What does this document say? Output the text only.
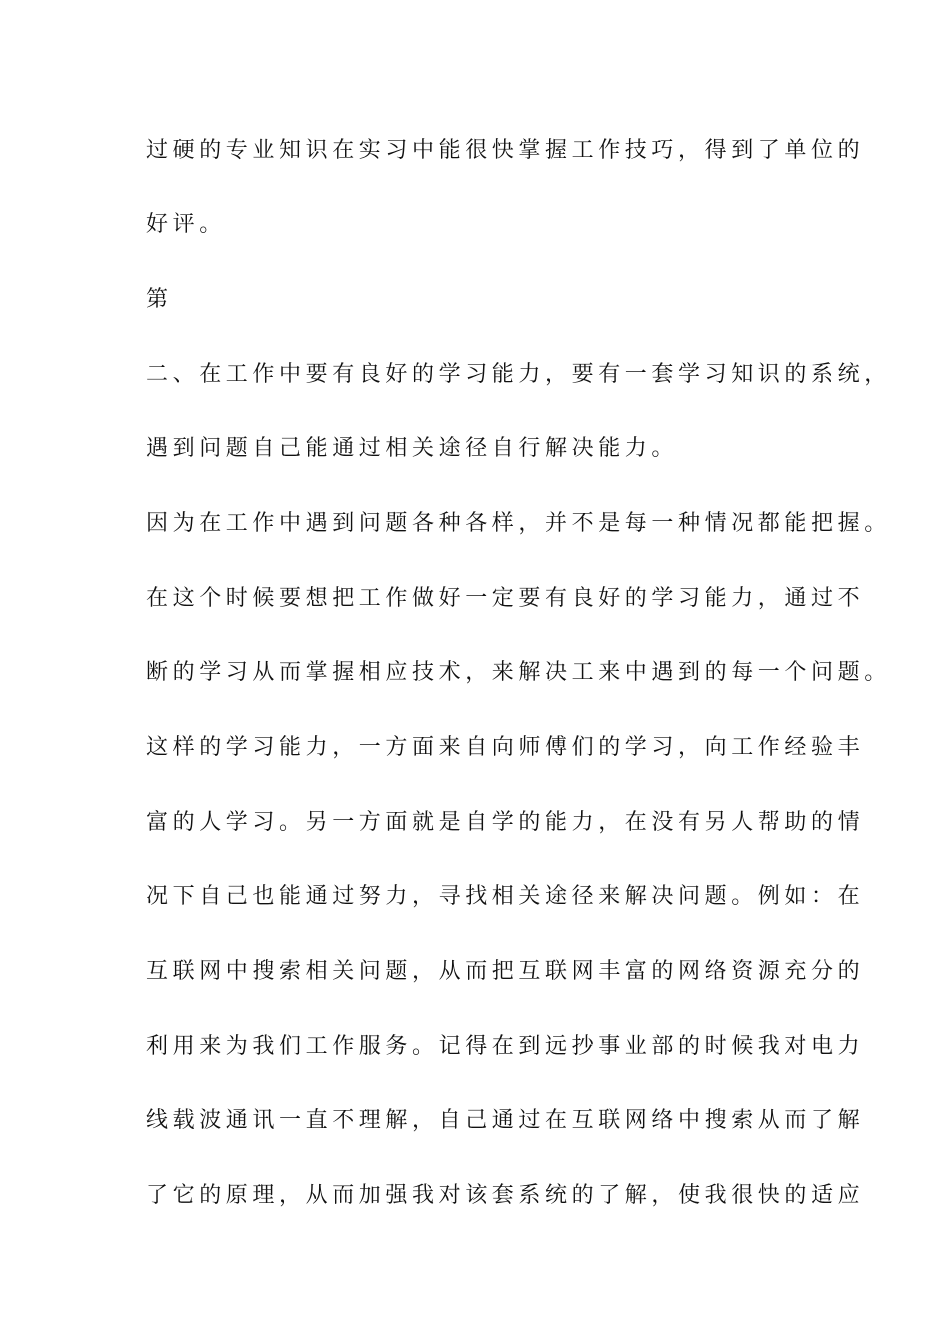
过硬的专业知识在实习中能很快掌握工作技巧，得到了单位的

好评。

第

二、在工作中要有良好的学习能力，要有一套学习知识的系统，

遇到问题自己能通过相关途径自行解决能力。

因为在工作中遇到问题各种各样，并不是每一种情况都能把握。

在这个时候要想把工作做好一定要有良好的学习能力，通过不

断的学习从而掌握相应技术，来解决工来中遇到的每一个问题。

这样的学习能力，一方面来自向师傅们的学习，向工作经验丰

富的人学习。另一方面就是自学的能力，在没有另人帮助的情

况下自己也能通过努力，寻找相关途径来解决问题。例如：在

互联网中搜索相关问题，从而把互联网丰富的网络资源充分的

利用来为我们工作服务。记得在到远抄事业部的时候我对电力

线载波通讯一直不理解，自己通过在互联网络中搜索从而了解

了它的原理，从而加强我对该套系统的了解，使我很快的适应
